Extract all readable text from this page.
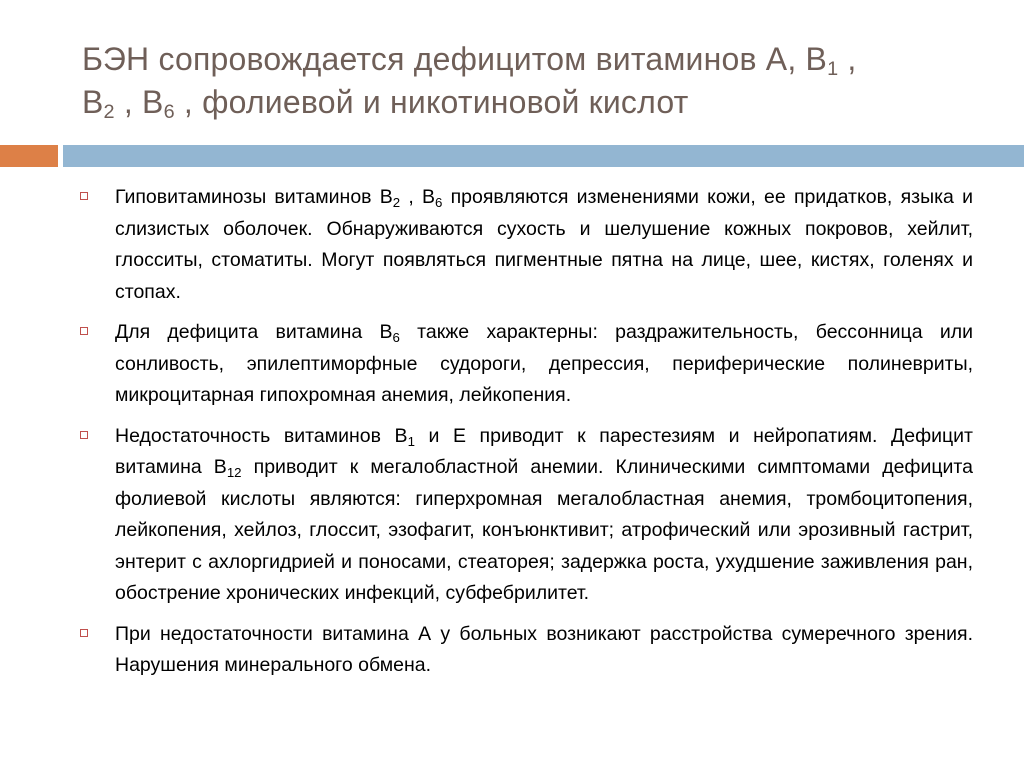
БЭН сопровождается дефицитом витаминов А, $В_1$ ,
$В_2$ , $В_6$ , фолиевой и никотиновой кислот
Гиповитаминозы витаминов $В_2$ , $В_6$ проявляются изменениями кожи, ее придатков, языка и слизистых оболочек. Обнаруживаются сухость и шелушение кожных покровов, хейлит, глосситы, стоматиты. Могут появляться пигментные пятна на лице, шее, кистях, голенях и стопах.
Для дефицита витамина $В_6$ также характерны: раздражительность, бессонница или сонливость, эпилептиморфные судороги, депрессия, периферические полиневриты, микроцитарная гипохромная анемия, лейкопения.
Недостаточность витаминов $В_1$ и Е приводит к парестезиям и нейропатиям. Дефицит витамина $В_{12}$ приводит к мегалобластной анемии. Клиническими симптомами дефицита фолиевой кислоты являются: гиперхромная мегалобластная анемия, тромбоцитопения, лейкопения, хейлоз, глоссит, эзофагит, конъюнктивит; атрофический или эрозивный гастрит, энтерит с ахлоргидрией и поносами, стеаторея; задержка роста, ухудшение заживления ран, обострение хронических инфекций, субфебрилитет.
При недостаточности витамина А у больных возникают расстройства сумеречного зрения. Нарушения минерального обмена.
